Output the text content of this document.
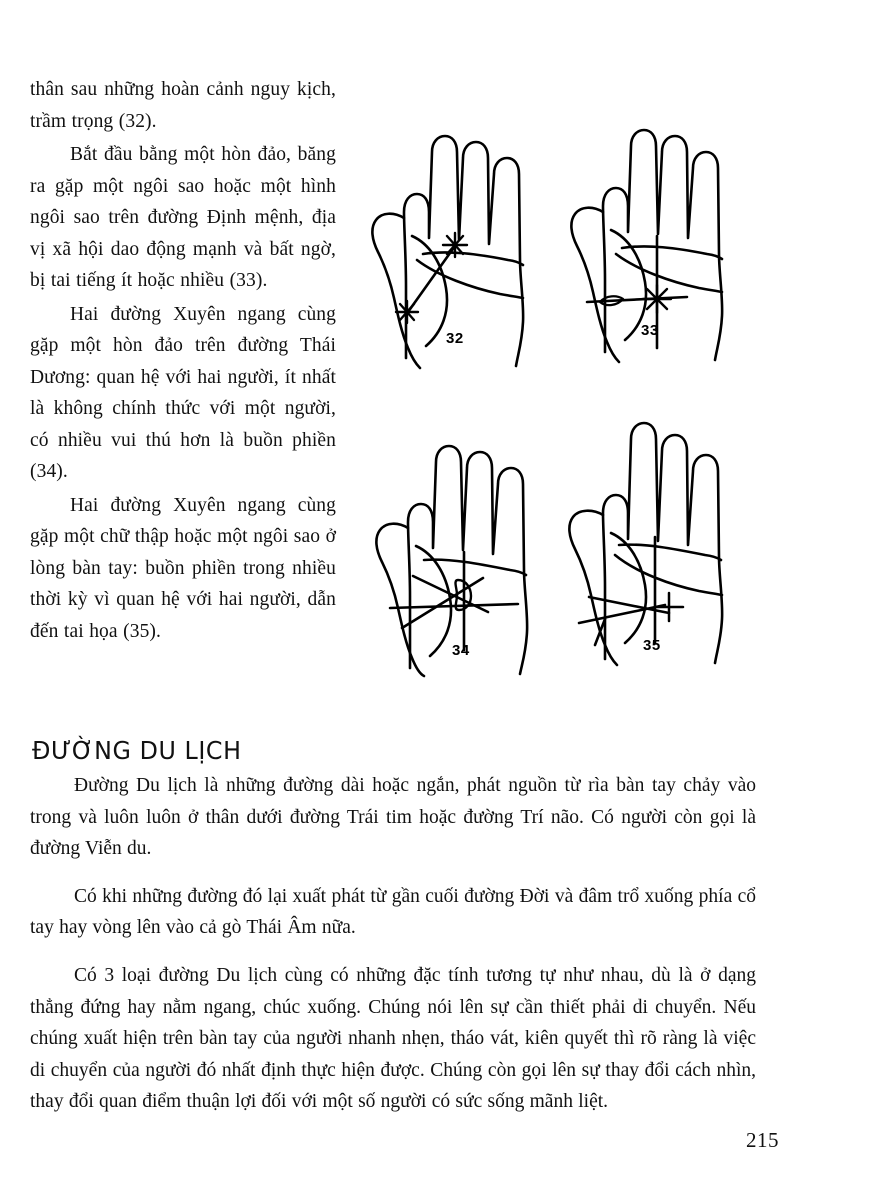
thân sau những hoàn cảnh nguy kịch, trầm trọng (32).

Bắt đầu bằng một hòn đảo, băng ra gặp một ngôi sao hoặc một hình ngôi sao trên đường Định mệnh, địa vị xã hội dao động mạnh và bất ngờ, bị tai tiếng ít hoặc nhiều (33).

Hai đường Xuyên ngang cùng gặp một hòn đảo trên đường Thái Dương: quan hệ với hai người, ít nhất là không chính thức với một người, có nhiều vui thú hơn là buồn phiền (34).

Hai đường Xuyên ngang cùng gặp một chữ thập hoặc một ngôi sao ở lòng bàn tay: buồn phiền trong nhiều thời kỳ vì quan hệ với hai người, dẫn đến tai họa (35).

32	33
34	35
ĐƯỜNG DU LỊCH

Đường Du lịch là những đường dài hoặc ngắn, phát nguồn từ rìa bàn tay chảy vào trong và luôn luôn ở thân dưới đường Trái tim hoặc đường Trí não. Có người còn gọi là đường Viễn du.

Có khi những đường đó lại xuất phát từ gần cuối đường Đời và đâm trổ xuống phía cổ tay hay vòng lên vào cả gò Thái Âm nữa.

Có 3 loại đường Du lịch cùng có những đặc tính tương tự như nhau, dù là ở dạng thẳng đứng hay nằm ngang, chúc xuống. Chúng nói lên sự cần thiết phải di chuyển. Nếu chúng xuất hiện trên bàn tay của người nhanh nhẹn, tháo vát, kiên quyết thì rõ ràng là việc di chuyển của người đó nhất định thực hiện được. Chúng còn gọi lên sự thay đổi cách nhìn, thay đổi quan điểm thuận lợi đối với một số người có sức sống mãnh liệt.

215
